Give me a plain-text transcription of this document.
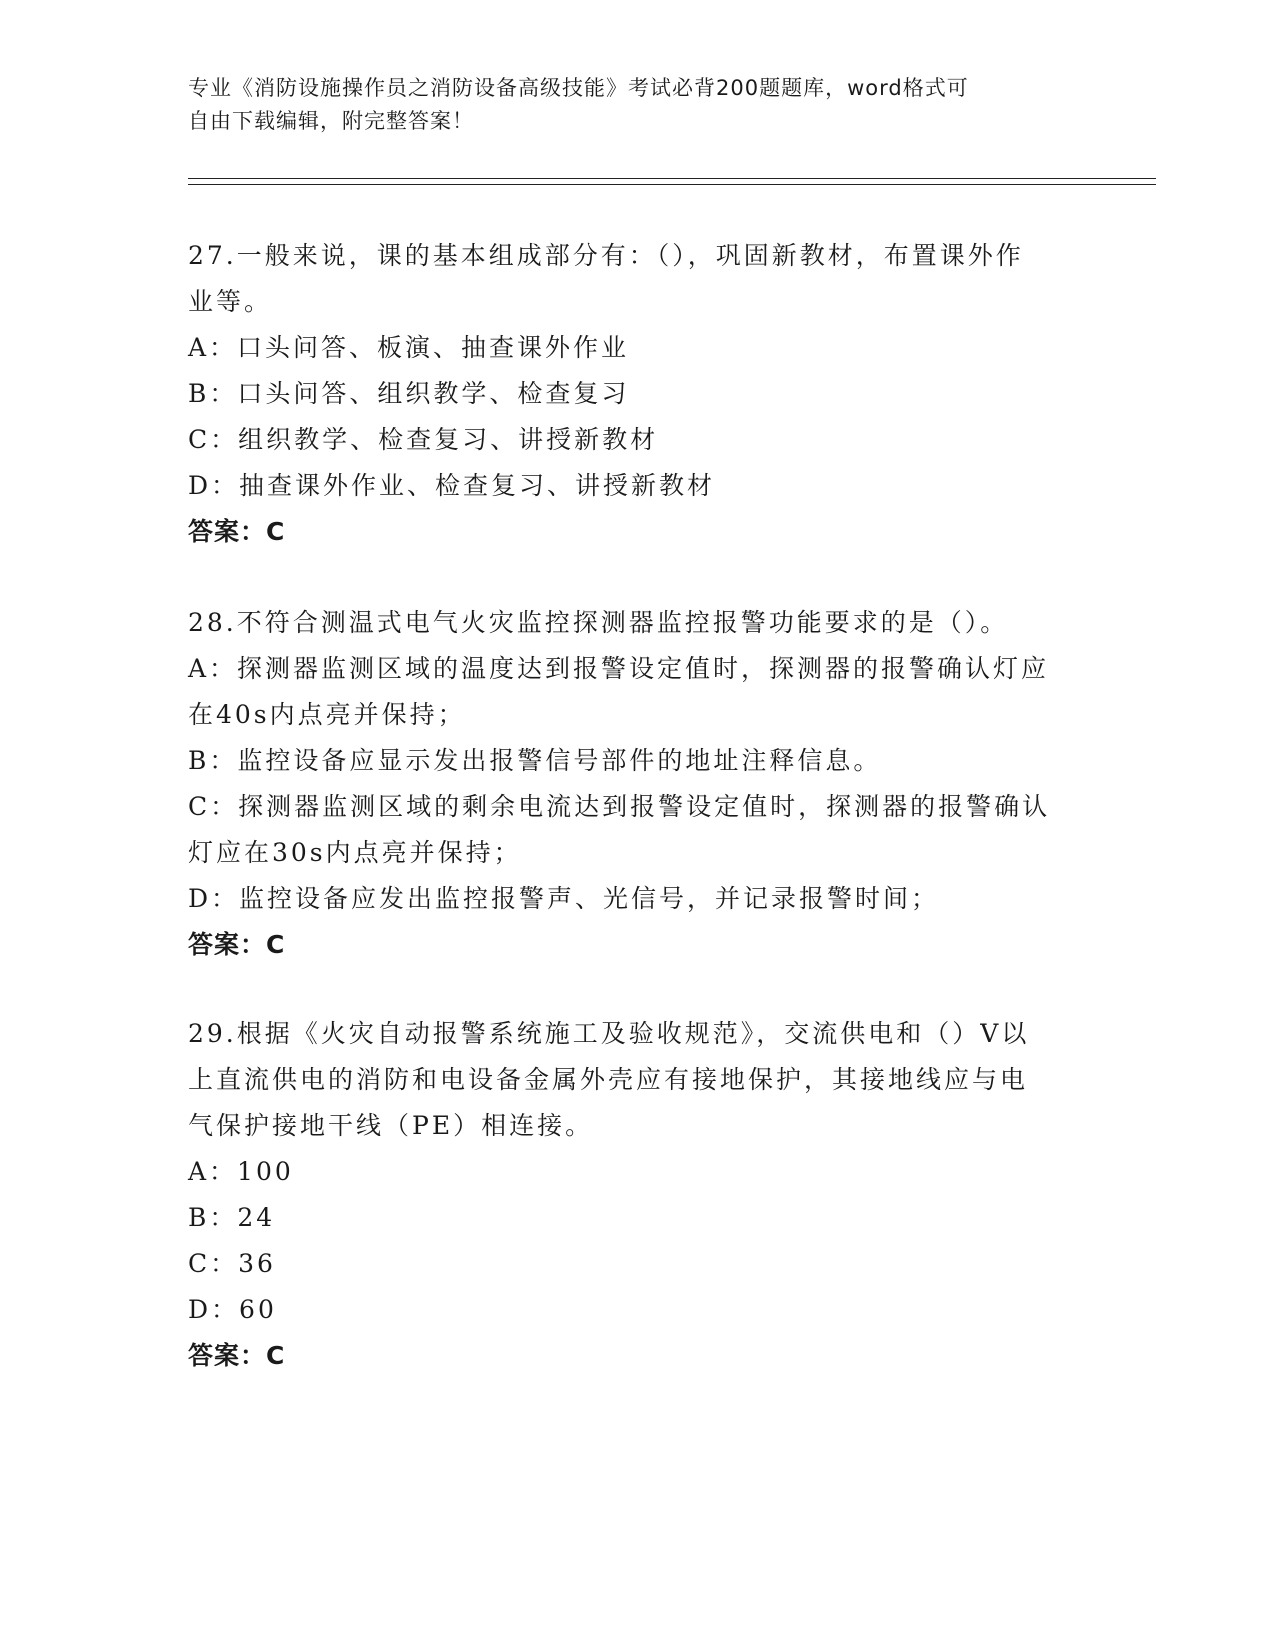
专业《消防设施操作员之消防设备高级技能》考试必背200题题库，word格式可
自由下载编辑，附完整答案！
27.一般来说，课的基本组成部分有：（），巩固新教材，布置课外作
业等。
A：口头问答、板演、抽查课外作业
B：口头问答、组织教学、检查复习
C：组织教学、检查复习、讲授新教材
D：抽查课外作业、检查复习、讲授新教材
答案：C
28.不符合测温式电气火灾监控探测器监控报警功能要求的是（）。
A：探测器监测区域的温度达到报警设定值时，探测器的报警确认灯应
在40s内点亮并保持；
B：监控设备应显示发出报警信号部件的地址注释信息。
C：探测器监测区域的剩余电流达到报警设定值时，探测器的报警确认
灯应在30s内点亮并保持；
D：监控设备应发出监控报警声、光信号，并记录报警时间；
答案：C
29.根据《火灾自动报警系统施工及验收规范》，交流供电和（）V以
上直流供电的消防和电设备金属外壳应有接地保护，其接地线应与电
气保护接地干线（PE）相连接。
A：100
B：24
C：36
D：60
答案：C
